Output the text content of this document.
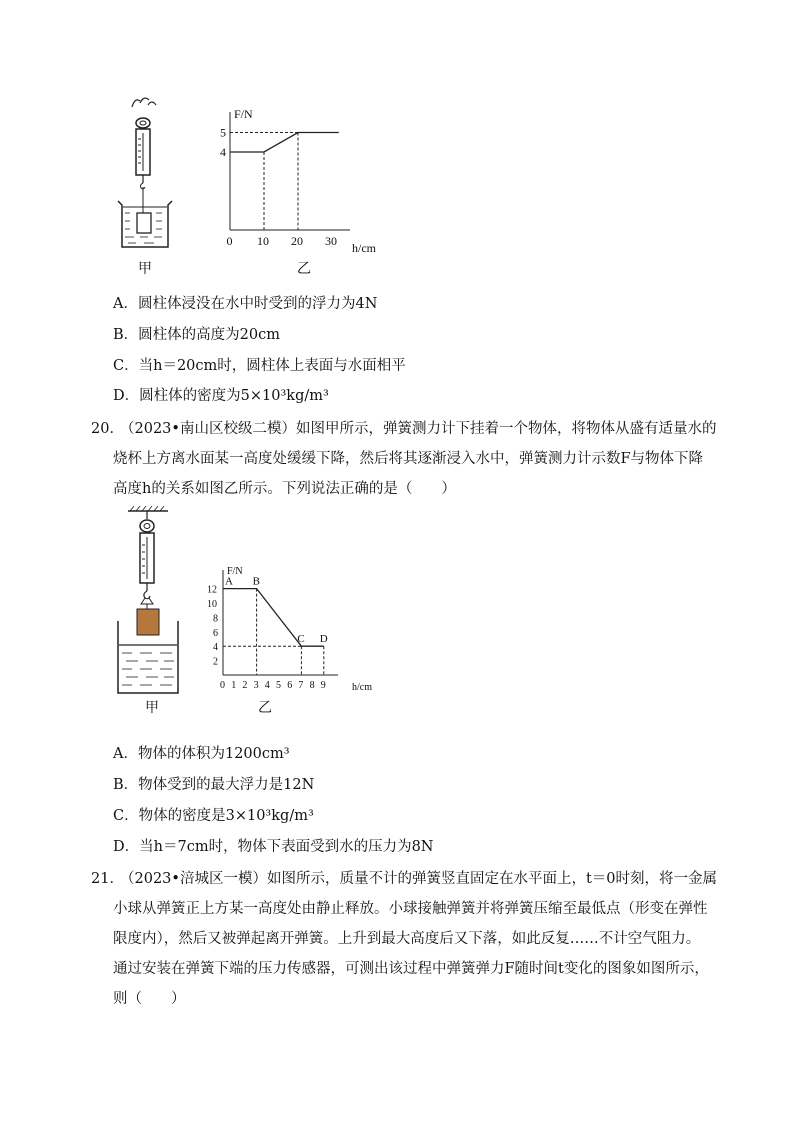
甲
F/N
h/cm
0 10 20 30
4
5
乙
A．圆柱体浸没在水中时受到的浮力为4N
B．圆柱体的高度为20cm
C．当h＝20cm时，圆柱体上表面与水面相平
D．圆柱体的密度为5×10³kg/m³
20．
（2023•南山区校级二模）如图甲所示，弹簧测力计下挂着一个物体，将物体从盛有适量水的
烧杯上方离水面某一高度处缓缓下降，然后将其逐渐浸入水中，弹簧测力计示数F与物体下降
高度h的关系如图乙所示。下列说法正确的是（　　）
甲
F/N
h/cm
0 1 2 3 4 5 6 7 8 9
2
4
6
8
10
12
A B
C D
乙
A．物体的体积为1200cm³
B．物体受到的最大浮力是12N
C．物体的密度是3×10³kg/m³
D．当h＝7cm时，物体下表面受到水的压力为8N
21．
（2023•涪城区一模）如图所示，质量不计的弹簧竖直固定在水平面上，t＝0时刻，将一金属
小球从弹簧正上方某一高度处由静止释放。小球接触弹簧并将弹簧压缩至最低点（形变在弹性
限度内），然后又被弹起离开弹簧。上升到最大高度后又下落，如此反复……不计空气阻力。
通过安装在弹簧下端的压力传感器，可测出该过程中弹簧弹力F随时间t变化的图象如图所示，
则（　　）
